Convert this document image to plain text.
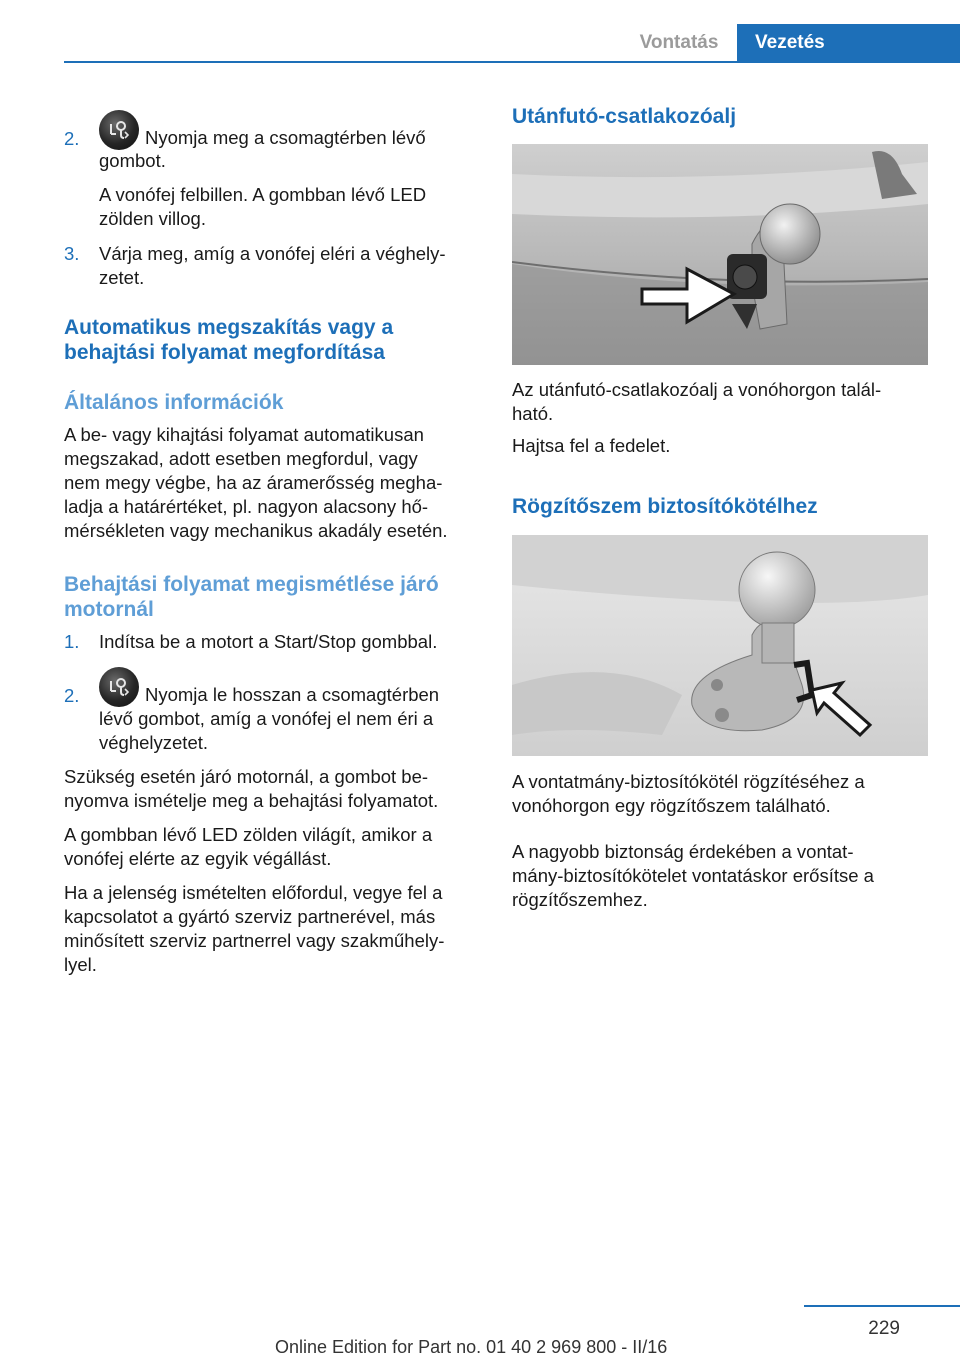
Vontatás	Vezetés
2.	Nyomja meg a csomagtérben lévő
gombot.
A vonófej felbillen. A gombban lévő LED
zölden villog.
3. Várja meg, amíg a vonófej eléri a véghely‐
zetet.
Automatikus megszakítás vagy a
behajtási folyamat megfordítása
Általános információk
A be- vagy kihajtási folyamat automatikusan
megszakad, adott esetben megfordul, vagy
nem megy végbe, ha az áramerősség megha‐
ladja a határértéket, pl. nagyon alacsony hő‐
mérsékleten vagy mechanikus akadály esetén.
Behajtási folyamat megismétlése járó
motornál
1. Indítsa be a motort a Start/Stop gombbal.
2.	Nyomja le hosszan a csomagtérben
lévő gombot, amíg a vonófej el nem éri a
véghelyzetet.
Szükség esetén járó motornál, a gombot be‐
nyomva ismételje meg a behajtási folyamatot.
A gombban lévő LED zölden világít, amikor a
vonófej elérte az egyik végállást.
Ha a jelenség ismételten előfordul, vegye fel a
kapcsolatot a gyártó szerviz partnerével, más
minősített szerviz partnerrel vagy szakműhely‐
lyel.
Utánfutó-csatlakozóalj
Az utánfutó-csatlakozóalj a vonóhorgon talál‐
ható.
Hajtsa fel a fedelet.
Rögzítőszem biztosítókötélhez
A vontatmány-biztosítókötél rögzítéséhez a
vonóhorgon egy rögzítőszem található.
A nagyobb biztonság érdekében a vontat‐
mány-biztosítókötelet vontatáskor erősítse a
rögzítőszemhez.
229
Online Edition for Part no. 01 40 2 969 800 - II/16
